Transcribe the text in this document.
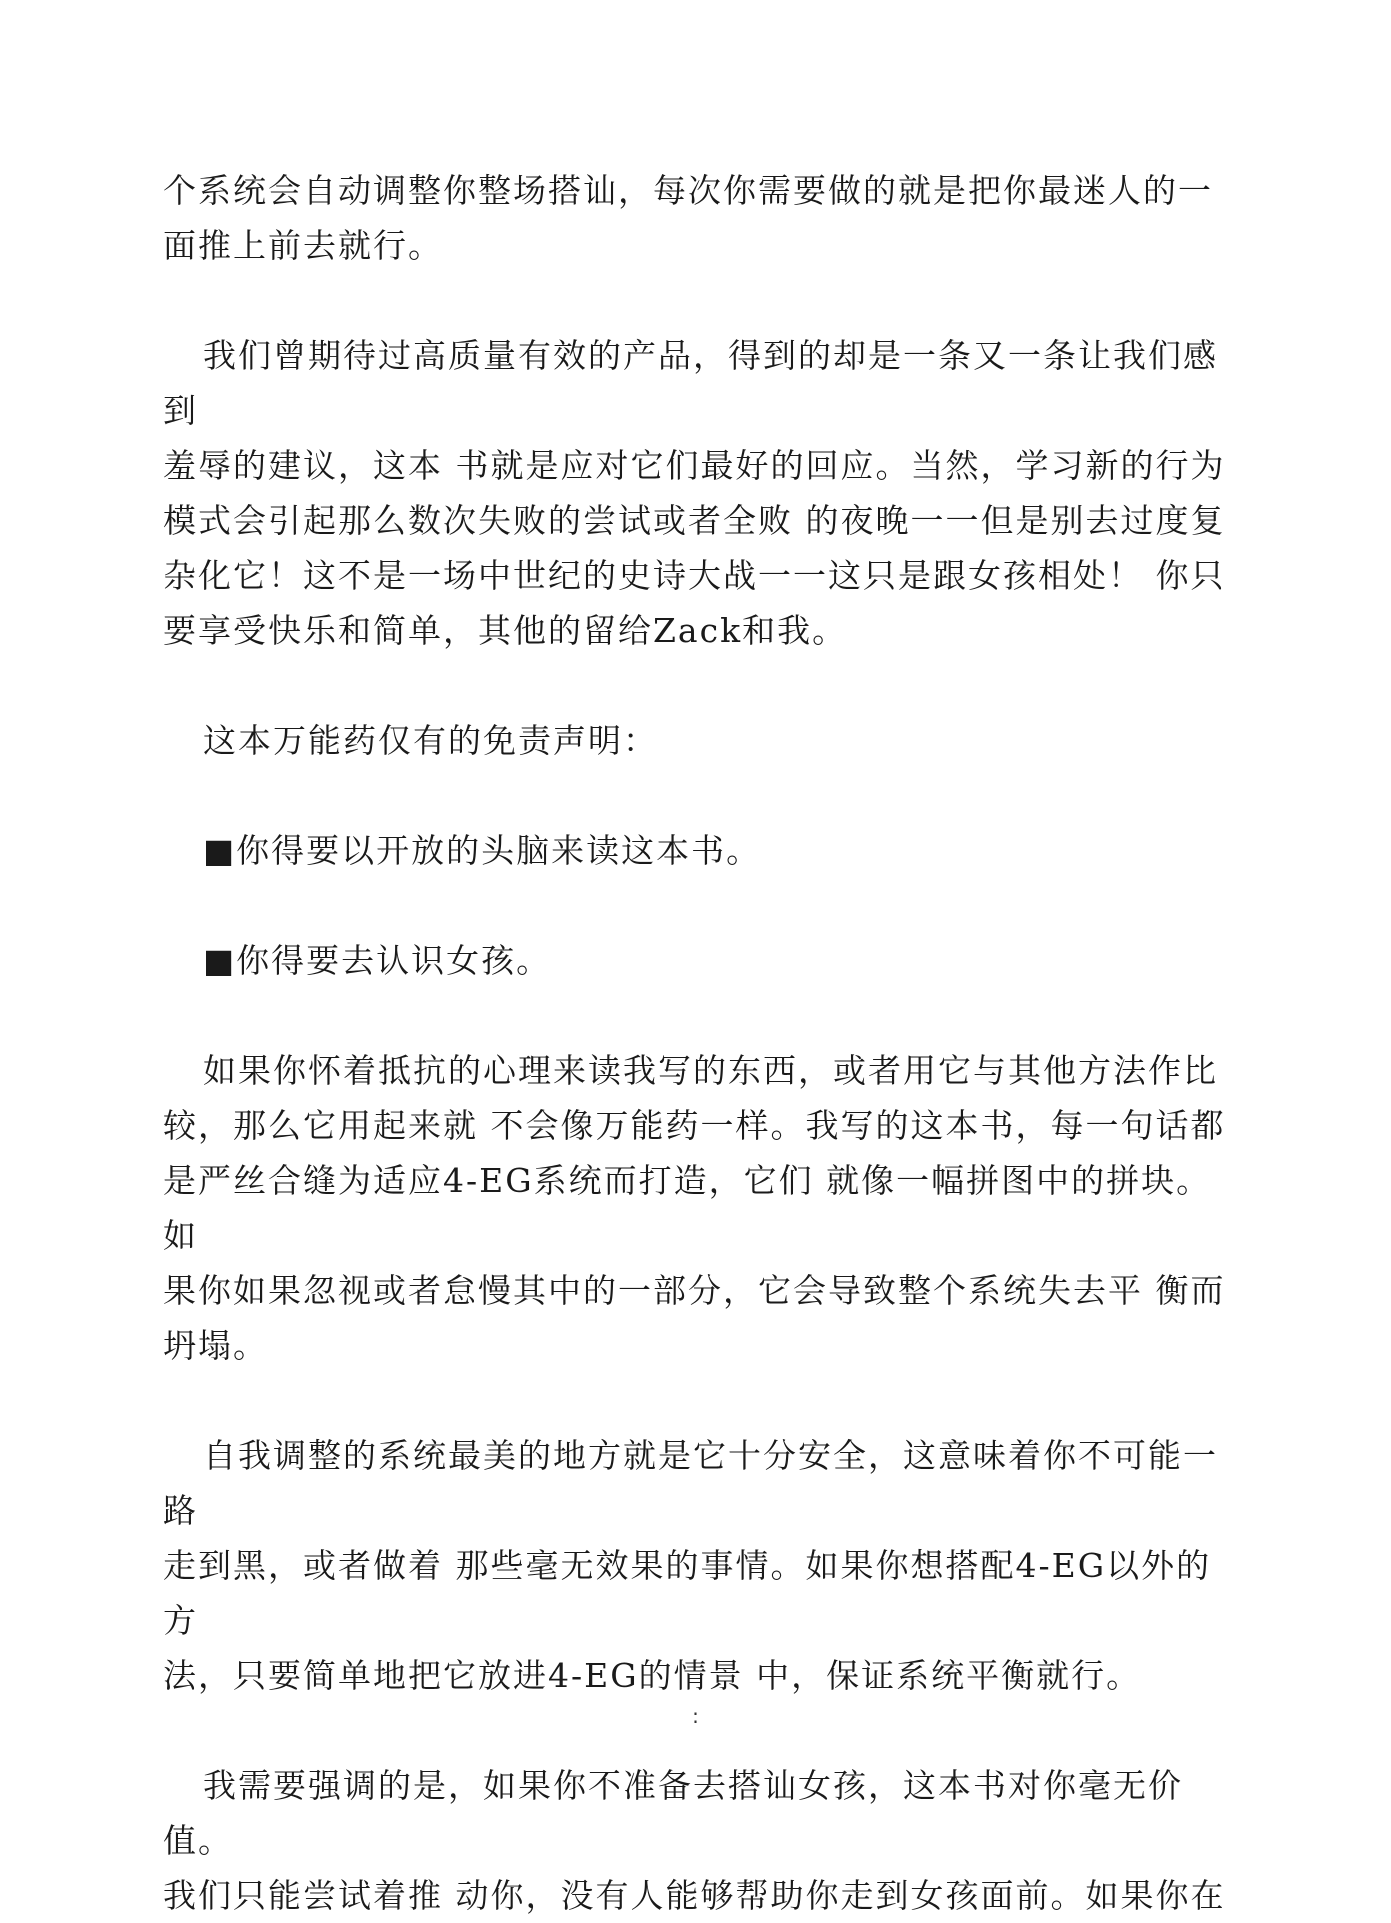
个系统会自动调整你整场搭讪，每次你需要做的就是把你最迷人的一
面推上前去就行。

我们曾期待过高质量有效的产品，得到的却是一条又一条让我们感到
羞辱的建议，这本 书就是应对它们最好的回应。当然，学习新的行为
模式会引起那么数次失败的尝试或者全败 的夜晚一一但是别去过度复
杂化它！这不是一场中世纪的史诗大战一一这只是跟女孩相处！ 你只
要享受快乐和简单，其他的留给Zack和我。

这本万能药仅有的免责声明：

■你得要以开放的头脑来读这本书。

■你得要去认识女孩。

如果你怀着抵抗的心理来读我写的东西，或者用它与其他方法作比
较，那么它用起来就 不会像万能药一样。我写的这本书，每一句话都
是严丝合缝为适应4-EG系统而打造，它们 就像一幅拼图中的拼块。如
果你如果忽视或者怠慢其中的一部分，它会导致整个系统失去平 衡而
坍塌。

自我调整的系统最美的地方就是它十分安全，这意味着你不可能一路
走到黑，或者做着 那些毫无效果的事情。如果你想搭配4-EG以外的方
法，只要简单地把它放进4-EG的情景 中，保证系统平衡就行。

我需要强调的是，如果你不准备去搭讪女孩，这本书对你毫无价值。
我们只能尝试着推 动你，没有人能够帮助你走到女孩面前。如果你在

:
